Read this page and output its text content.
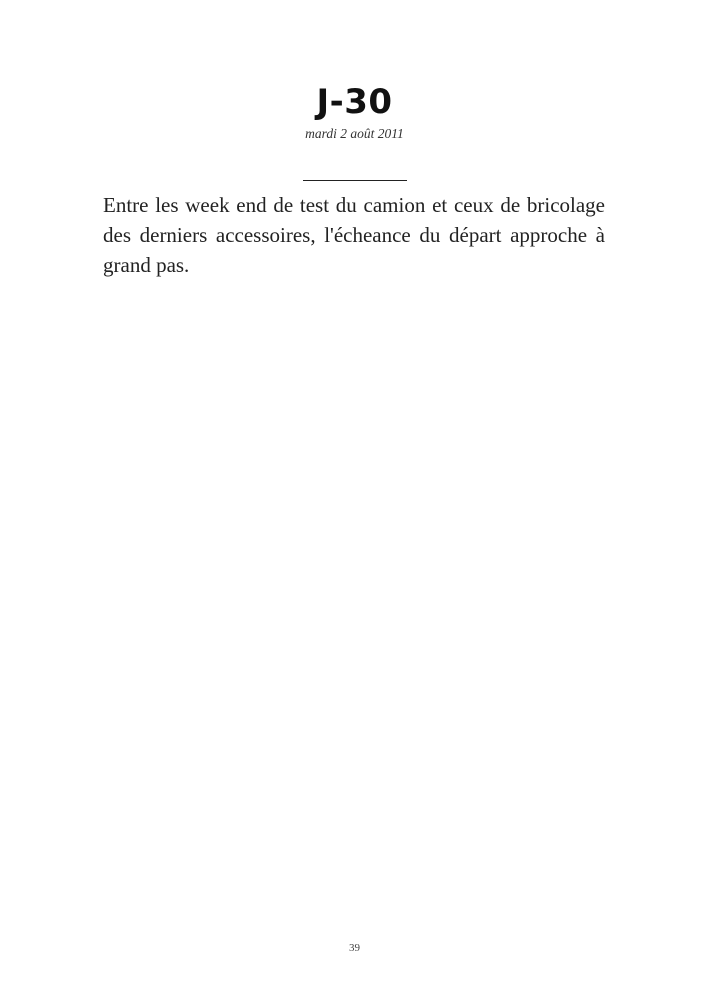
J-30
mardi 2 août 2011

Entre les week end de test du camion et ceux de bricolage des derniers accessoires, l'écheance du départ approche à grand pas.

39
